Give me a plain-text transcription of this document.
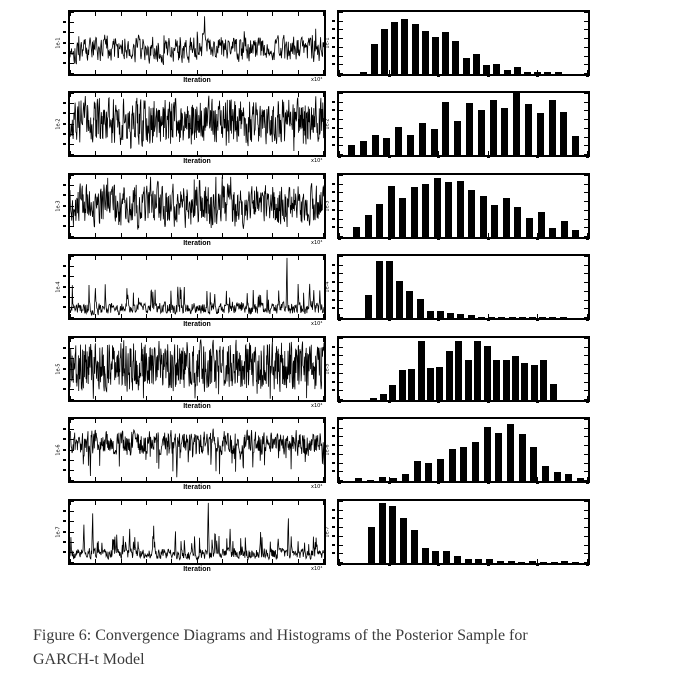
1e-1
Iteration	x10⁴
1e-1
1e-2
Iteration	x10⁴
1e-2
1e-3
Iteration	x10⁴
1e-3
1e-4
Iteration	x10⁴
1e-4
1e-5
Iteration	x10⁴
1e-5
1e-6
Iteration	x10⁴
1e-6
1e-7
Iteration	x10⁴
1e-7
Figure 6: Convergence Diagrams and Histograms of the Posterior Sample for
GARCH-t Model
